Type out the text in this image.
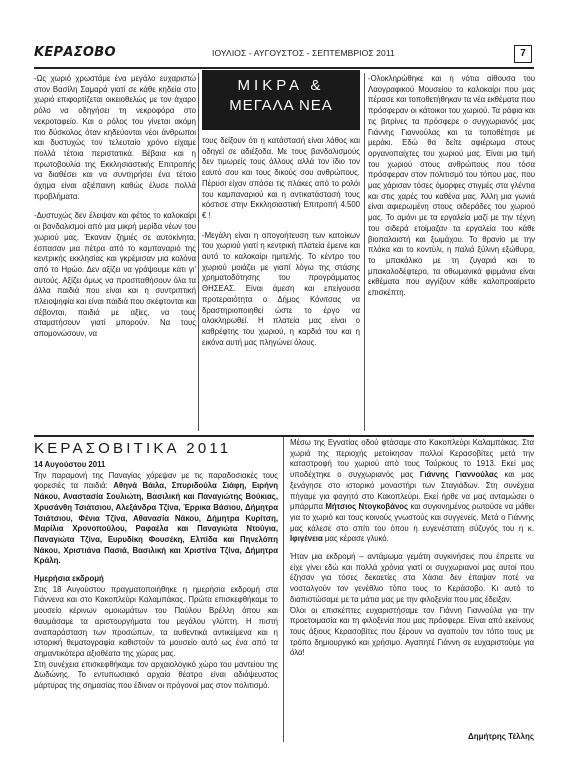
ΚΕΡΑΣΟΒΟ	ΙΟΥΛΙΟΣ - ΑΥΓΟΥΣΤΟΣ - ΣΕΠΤΕΜΒΡΙΟΣ 2011	7

-Ως χωριό χρωστάμε ένα μεγάλο ευχαριστώ στον Βασίλη Σαμαρά γιατί σε κάθε κηδεία στο χωριό επιφορτίζεται οικειοθελώς με τον άχαρο ρόλο να οδηγήσει τη νεκροφόρα στο νεκροταφείο. Και ο ρόλος του γίνεται ακόμη πιο δύσκολος όταν κηδεύονται νέοι άνθρωποι και δυστυχώς τον τελευταίο χρόνο είχαμε πολλά τέτοια περιστατικά. Βέβαια και η πρωτοβουλία της Εκκλησιαστικής Επιτροπής να διαθέσει και να συντηρήσει ένα τέτοιο όχημα είναι αξιέπαινη καθώς έλυσε πολλά προβλήματα.

-Δυστυχώς δεν έλειψαν και φέτος το καλοκαίρι οι βανδαλισμοί από μια μικρή μερίδα νέων του χωριού μας. Έκαναν ζημιές σε αυτοκίνητα, έσπασαν μια πέτρα από το καμπαναριό της κεντρικής εκκλησίας και γκρέμισαν μια κολόνα από το Ηρώο. Δεν αξίζει να γράψουμε κάτι γι' αυτούς. Αξίζει όμως να προσπαθήσουν όλα τα άλλα παιδιά που είναι και η συντριπτική πλειοψηφία και είναι παιδιά που σκέφτονται και σέβονται, παιδιά με αξίες, να τους σταματήσουν γιατί μπορούν. Να τους απομονώσουν, να

ΜΙΚΡΑ &
ΜΕΓΑΛΑ ΝΕΑ

τους δείξουν ότι η κατάστασή είναι λάθος και οδηγεί σε αδιέξοδα. Με τους βανδαλισμούς δεν τιμωρείς τους άλλους αλλά τον ίδιο τον εαυτό σου και τους δικούς σου ανθρώπους. Πέρυσι είχαν σπάσει τις πλάκες από το ρολόι του καμπαναριού και η αντικατάστασή τους κόστισε στην Εκκλησιαστική Επιτροπή 4.500 € !

-Μεγάλη είναι η απογοήτευση των κατοίκων του χωριού γιατί η κεντρική πλατεία έμεινε και αυτό το καλοκαίρι ημιτελής. Το κέντρο του χωριού μοιάζει με γιαπί λόγω της στάσης χρηματοδότησης του προγράμματος ΘΗΣΕΑΣ. Είναι άμεση και επείγουσα προτεραιότητα ο Δήμος Κόνιτσας να δραστηριοποιηθεί ώστε το έργο να ολοκληρωθεί. Η πλατεία μας είναι ο καθρέφτης του χωριού, η καρδιά του και η εικόνα αυτή μας πληγώνει όλους.

-Ολοκληρώθηκε και η νότια αίθουσα του Λαογραφικού Μουσείου το καλοκαίρι που μας πέρασε και τοποθετήθηκαν τα νέα εκθέματα που πρόσφεραν οι κάτοικοι του χωριού. Τα ράφια και τις βιτρίνες τα πρόσφερε ο συγχωριανός μας Γιάννης Γιαννούλας και τα τοποθέτησε με μεράκι. Εδώ θα δείτε αφιέρωμα στους οργανοπαίχτες του χωριού μας. Είναι μια τιμή του χωριού στους ανθρώπους που τόσα πρόσφεραν στον πολιτισμό του τόπου μας, που μας χάρισαν τόσες όμορφες στιγμές στα γλέντια και στις χαρές του καθένα μας. Άλλη μια γωνιά είναι αφιερωμένη στους οιδεράδες του χωριού μας. Το αμόνι με τα εργαλεία μαζί με την τέχνη του σιδερά ετοίμαζαν τα εργαλεία του κάθε βιοπαλαιστή και ξωμάχου. Το θρανίο με την πλάκα και το κοντύλι, η παλιά ξύλινη εξώθυρα, το μπακάλικο με τη ζυγαριά και το μπακαλοδέφτερο, τα οθωμανικά φιρμάνια είναι εκθέματα που αγγίζουν κάθε καλοπροαίρετο επισκέπτη.

ΚΕΡΑΣΟΒΙΤΙΚΑ 2011

14 Αυγούστου 2011

Την παραμονή της Παναγίας χόρεψαν με τις παραδοσιακές τους φορεσιές τα παιδιά: Αθηνά Βάιλα, Σπυριδούλα Σιάφη, Ειρήνη Νάκου, Αναστασία Σουλιώτη, Βασιλική και Παναγιώτης Βούκιας, Χρυσάνθη Τσιάτσιου, Αλεξάνδρα Τζίνα, Έρρικα Βάσιου, Δήμητρα Τσιάτσιου, Φένια Τζίνα, Αθανασία Νάκου, Δήμητρα Κυρίτση, Μαρίλια Χρονοπούλου, Ραφαέλα και Παναγιώτα Ντούγια, Παναγιώτα Τζίνα, Ευρυδίκη Φουσέκη, Ελπίδα και Πηνελόπη Νάκου, Χριστιάνα Πασιά, Βασιλική και Χριστίνα Τζίνα, Δήμητρα Κράλη.

Ημερήσια εκδρομή

Στις 18 Αυγούστου πραγματοποιήθηκε η ημερήσια εκδρομή στα Γιάννενα και στο Κακοπλεύρι Καλαμπάκας. Πρώτα επισκεφθήκαμε το μουσείο κέρινων ομοιωμάτων του Παύλου Βρέλλη όπου και θαυμάσαμε τα αριστουργήματα του μεγάλου γλύπτη. Η πιστή αναπαράσταση των προσώπων, τα αυθεντικά αντικείμενα και η ιστορική θεματογραφία καθιστούν το μουσείο αυτό ως ένα από τα σημαντικότερα αξιοθέατα της χώρας μας.

Στη συνέχεια επισκεφθήκαμε τον αρχαιολογικό χώρο του μαντείου της Δωδώνης. Το εντυπωσιακό αρχαίο θέατρο είναι αδιάψευστος μάρτυρας της σημασίας που έδιναν οι πρόγονοί μας στον πολιτισμό.

Μέσω της Εγνατίας οδού φτάσαμε στο Κακοπλεύρι Καλαμπάκας. Στα χωριά της περιοχής μετοίκησαν πολλοί Κερασοβίτες μετά την καταστροφή του χωριού από τους Τούρκους το 1913. Εκεί μας υποδέχτηκε ο συγχωριανός μας Γιάννης Γιαννούλας και μας ξενάγησε στο ιστορικό μοναστήρι των Σταγιάδων. Στη συνέχεια πήγαμε για φαγητό στο Κακοπλεύρι. Εκεί ήρθε να μας ανταμώσει ο μπάρμπα Μήτσιος Ντογκοβάνος και συγκινημένος ρωτούσε να μάθει για το χωριό και τους κοινούς γνωστούς και συγγενείς. Μετά ο Γιάννης μας κάλεσε στο σπίτι του όπου η ευγενέστατη σύζυγός του η κ. Ιφιγένεια μας κέρασε γλυκό.

Ήταν μια εκδρομή – αντάμωμα γεμάτη συγκινήσεις που έπρεπε να είχε γίνει εδώ και πολλά χρόνια γιατί οι συγχωριανοί μας αυτοί που έζησαν για τόσες δεκαετίες στα Χάσια δεν έπαψαν ποτέ να νοσταλγούν τον γενέθλιο τόπο τους το Κεράσοβο. Κι αυτό το διαπιστώσαμε με τα μάτια μας με την φιλοξενία που μας έδειξαν.

Όλοι οι επισκέπτες ευχαριστήσαμε τον Γιάννη Γιαννούλα για την προετοιμασία και τη φιλοξενία που μας πρόσφερε. Είναι από εκείνους τους άξιους Κερασοβίτες που ξέρουν να αγαπούν τον τόπο τους με τρόπο δημιουργικό και χρήσιμο. Αγαπητέ Γιάννη σε ευχαριστούμε για όλα!

Δημήτρης Τέλλης
